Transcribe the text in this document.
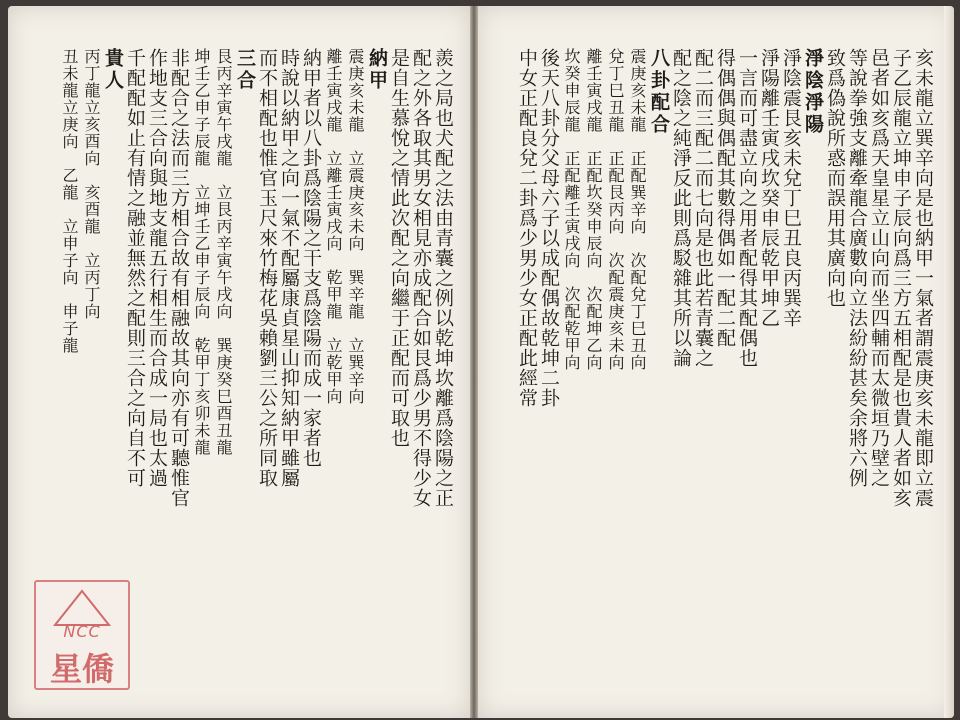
羨之局也犬配之法由青囊之例以乾坤坎離爲陰陽之正
配之外各取其男女相見亦成配合如艮爲少男不得少女
是自生慕悅之情此次配之向繼于正配而可取也
納甲
震庚亥未龍　立震庚亥未向　巽辛龍　立巽辛向
離壬寅戌龍　立離壬寅戌向　乾甲龍　立乾甲向
納甲者以八卦爲陰陽之干支爲陰陽而成一家者也
時說以納甲之向一氣不配屬康貞星山抑知納甲雖屬
而不相配也惟官玉尺來竹梅花吳賴劉三公之所同取
三合
艮丙辛寅午戌龍　立艮丙辛寅午戌向　巽庚癸巳酉丑龍
坤壬乙申子辰龍　立坤壬乙申子辰向　乾甲丁亥卯未龍
非配合之法而三方相合故有相融故其向亦有可聽惟官
作地支三合向與地支龍五行相生而合成一局也太過
千配配如止有情之融並無然之配則三合之向自不可
貴人
丙丁龍立亥酉向　亥酉龍　立丙丁向
丑未龍立庚向　乙龍　立申子向　申子龍	亥未龍立巽辛向是也納甲一氣者謂震庚亥未龍即立震
子乙辰龍立坤申子辰向爲三方五相配是也貴人者如亥
邑者如亥爲天皇星立山向而坐四輔而太微垣乃壁之
等說拳強支離牽龍合廣數向立法紛紛甚矣余將六例
致爲偽說所惑而誤用其廣向也
淨陰淨陽
淨陰震艮亥未兌丁巳丑良丙巽辛
淨陽離壬寅戌坎癸申辰乾甲坤乙
一言而可盡立向之用者配得其配偶也
得偶偶與偶配其數得偶如一配二配
配二而三配二而七向是也此若青囊之
配之陰之純淨反此則爲駁雜其所以論
八卦配合
震庚亥未龍　正配巽辛向　次配兌丁巳丑向
兌丁巳丑龍　正配艮丙向　次配震庚亥未向
離壬寅戌龍　正配坎癸申辰向　次配坤乙向
坎癸申辰龍　正配離壬寅戌向　次配乾甲向
後天八卦分父母六子以成配偶故乾坤二卦
中女正配良兌二卦爲少男少女正配此經常
NCC
星僑
